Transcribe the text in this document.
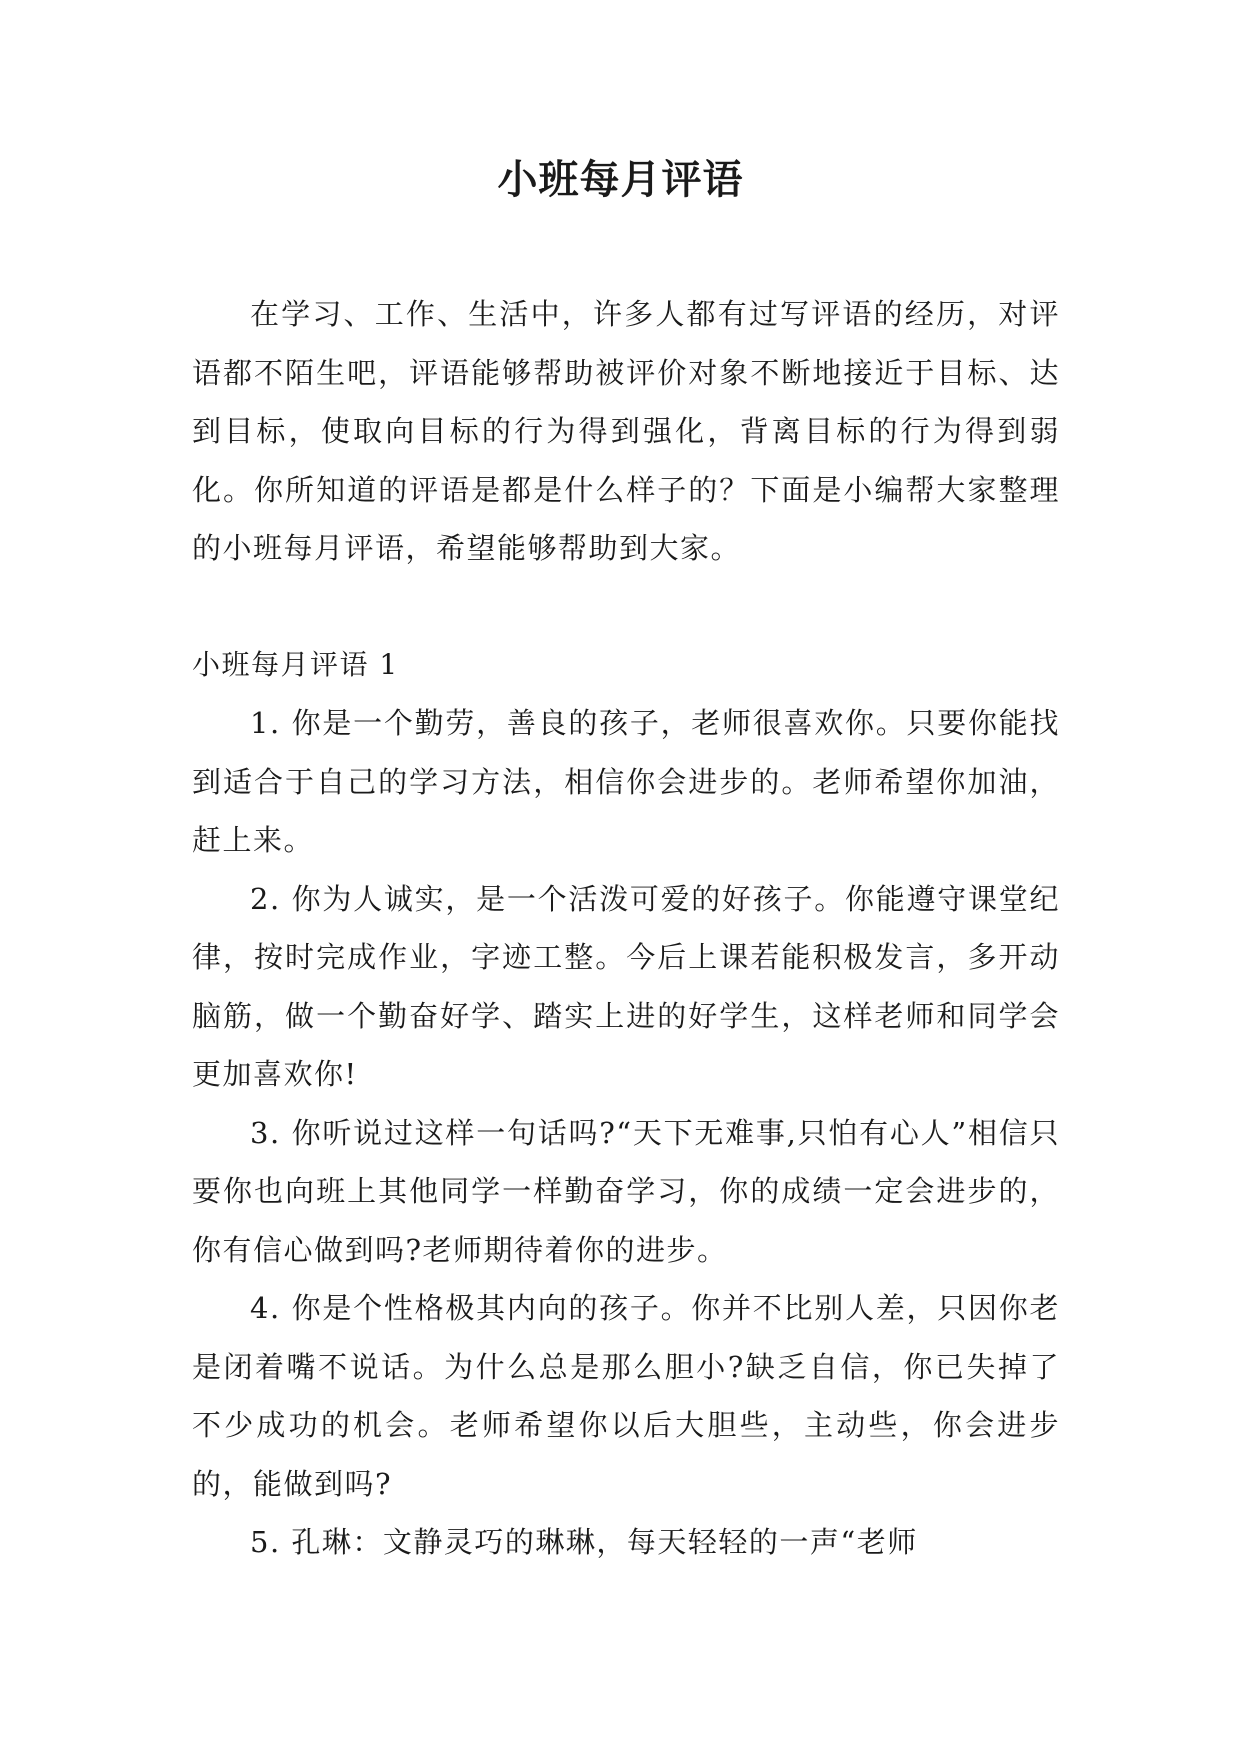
小班每月评语

在学习、工作、生活中，许多人都有过写评语的经历，对评语都不陌生吧，评语能够帮助被评价对象不断地接近于目标、达到目标，使取向目标的行为得到强化，背离目标的行为得到弱化。你所知道的评语是都是什么样子的？下面是小编帮大家整理的小班每月评语，希望能够帮助到大家。

小班每月评语 1

1. 你是一个勤劳，善良的孩子，老师很喜欢你。只要你能找到适合于自己的学习方法，相信你会进步的。老师希望你加油，赶上来。

2. 你为人诚实，是一个活泼可爱的好孩子。你能遵守课堂纪律，按时完成作业，字迹工整。今后上课若能积极发言，多开动脑筋，做一个勤奋好学、踏实上进的好学生，这样老师和同学会更加喜欢你!

3. 你听说过这样一句话吗?“天下无难事,只怕有心人”相信只要你也向班上其他同学一样勤奋学习，你的成绩一定会进步的，你有信心做到吗?老师期待着你的进步。

4. 你是个性格极其内向的孩子。你并不比别人差，只因你老是闭着嘴不说话。为什么总是那么胆小?缺乏自信，你已失掉了不少成功的机会。老师希望你以后大胆些，主动些，你会进步的，能做到吗?

5. 孔琳：文静灵巧的琳琳，每天轻轻的一声“老师
